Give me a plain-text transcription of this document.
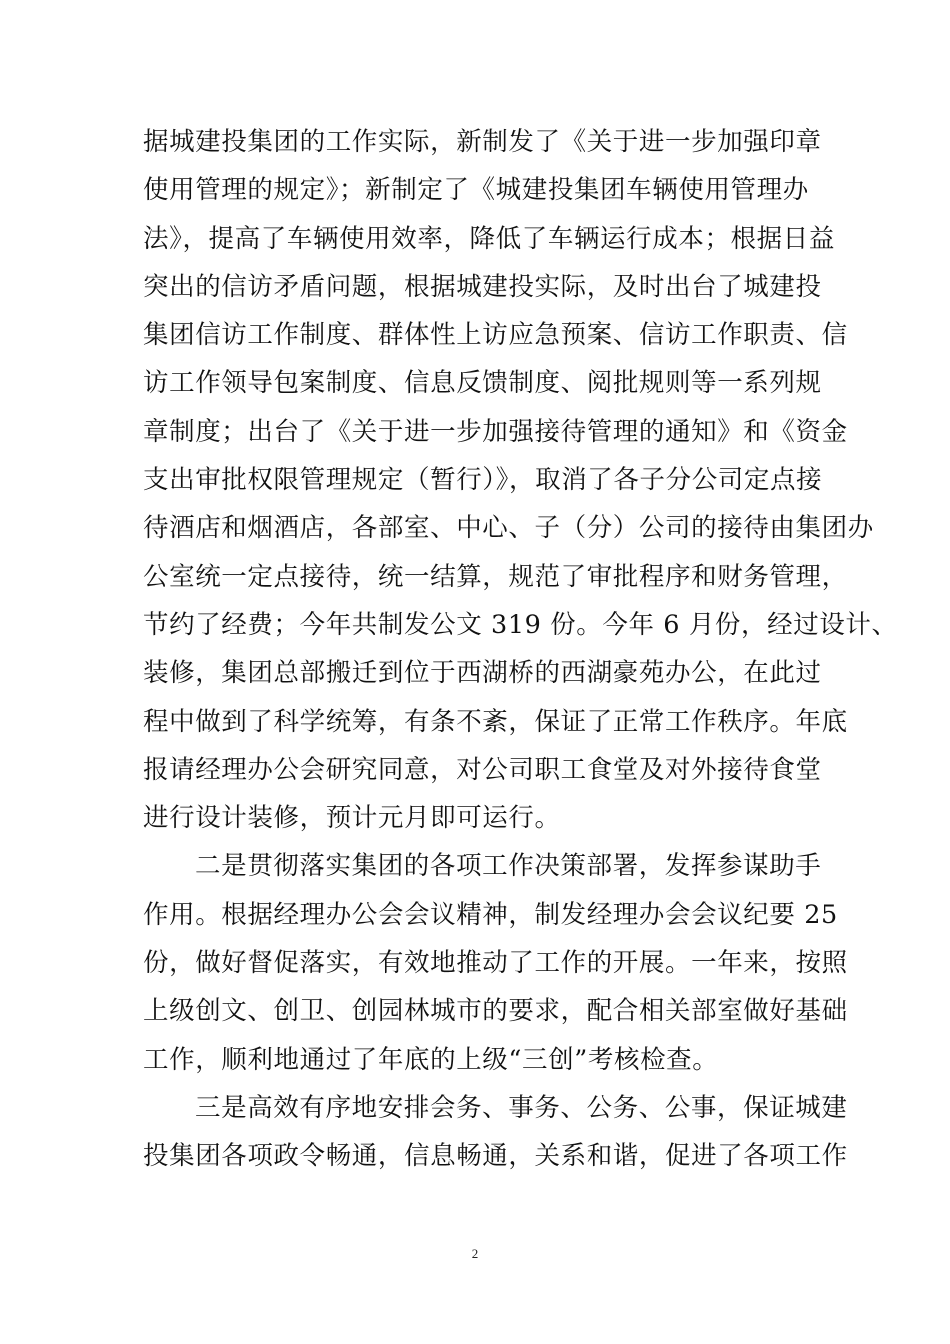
据城建投集团的工作实际，新制发了《关于进一步加强印章
使用管理的规定》；新制定了《城建投集团车辆使用管理办
法》，提高了车辆使用效率，降低了车辆运行成本；根据日益
突出的信访矛盾问题，根据城建投实际，及时出台了城建投
集团信访工作制度、群体性上访应急预案、信访工作职责、信
访工作领导包案制度、信息反馈制度、阅批规则等一系列规
章制度；出台了《关于进一步加强接待管理的通知》和《资金
支出审批权限管理规定（暂行）》，取消了各子分公司定点接
待酒店和烟酒店，各部室、中心、子（分）公司的接待由集团办
公室统一定点接待，统一结算，规范了审批程序和财务管理，
节约了经费；今年共制发公文 319 份。今年 6 月份，经过设计、
装修，集团总部搬迁到位于西湖桥的西湖豪苑办公，在此过
程中做到了科学统筹，有条不紊，保证了正常工作秩序。年底
报请经理办公会研究同意，对公司职工食堂及对外接待食堂
进行设计装修，预计元月即可运行。
二是贯彻落实集团的各项工作决策部署，发挥参谋助手
作用。根据经理办公会会议精神，制发经理办会会议纪要 25
份，做好督促落实，有效地推动了工作的开展。一年来，按照
上级创文、创卫、创园林城市的要求，配合相关部室做好基础
工作，顺利地通过了年底的上级“三创”考核检查。
三是高效有序地安排会务、事务、公务、公事，保证城建
投集团各项政令畅通，信息畅通，关系和谐，促进了各项工作
2
